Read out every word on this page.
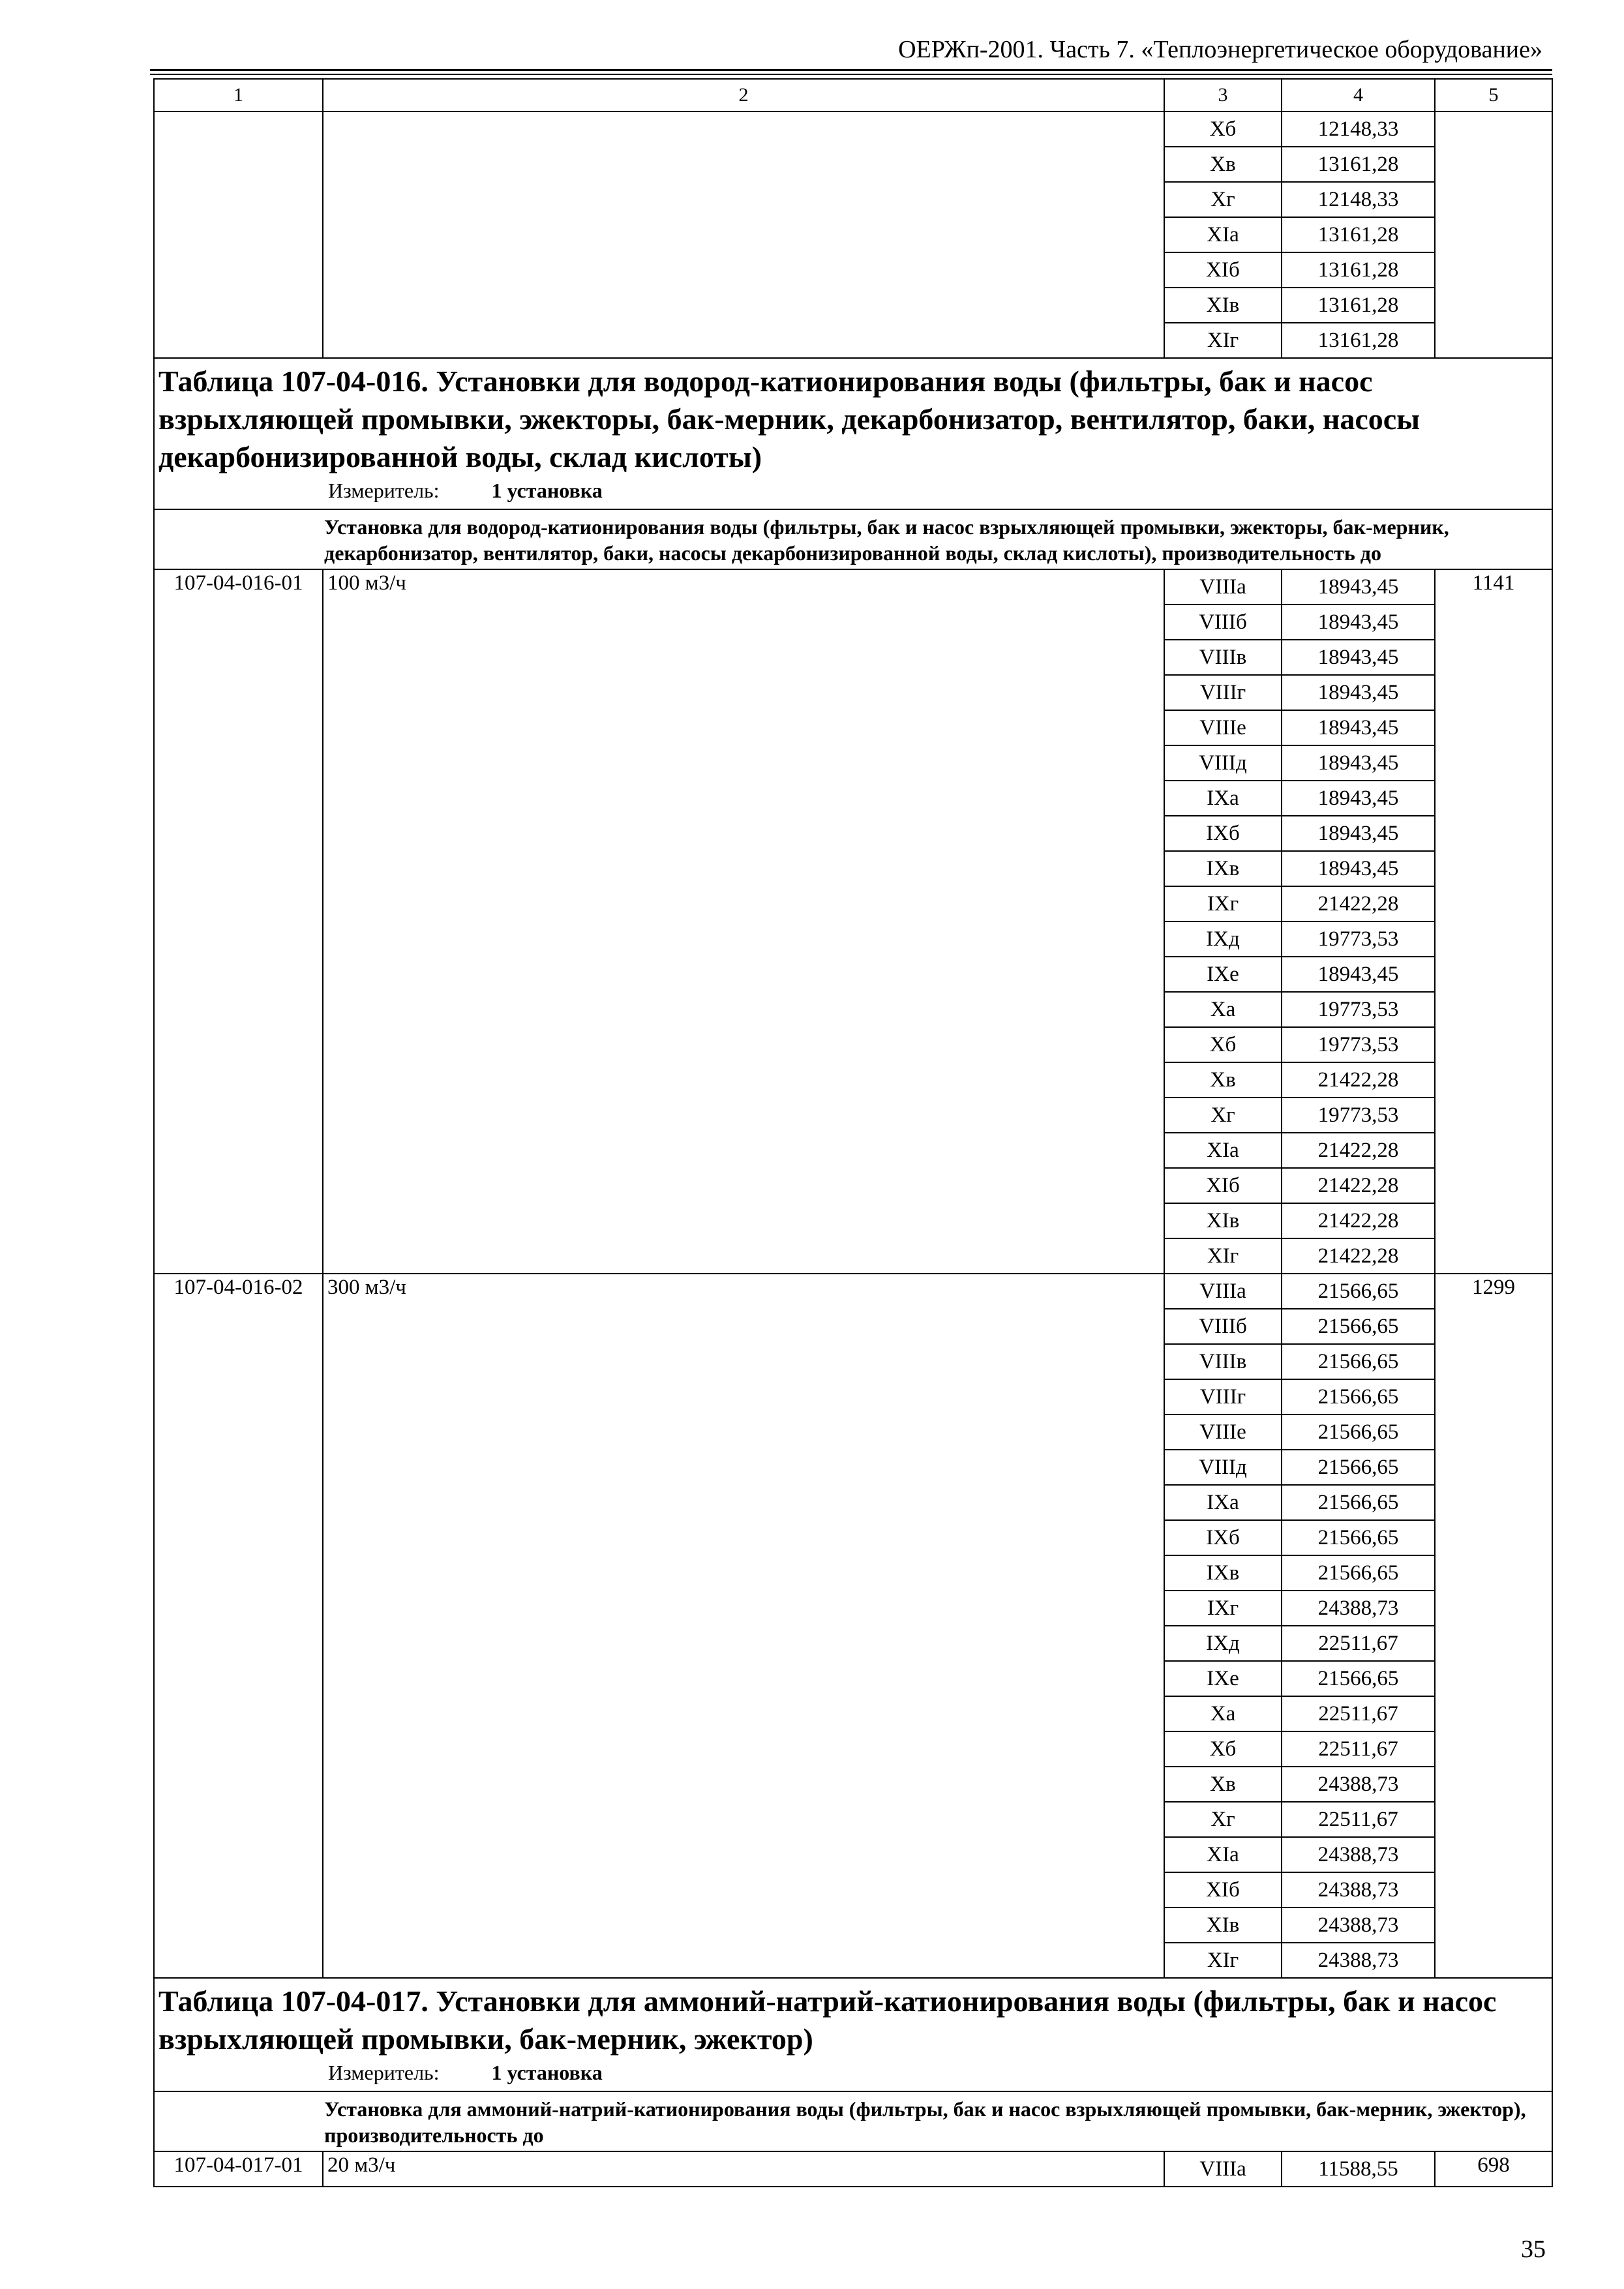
ОЕРЖп-2001. Часть 7. «Теплоэнергетическое оборудование»
1	2	3	4	5
		Xб	12148,33	
		Xв	13161,28	
		Xг	12148,33	
		XIа	13161,28	
		XIб	13161,28	
		XIв	13161,28	
		XIг	13161,28	

Таблица 107-04-016. Установки для водород-катионирования воды (фильтры, бак и насос взрыхляющей промывки, эжекторы, бак-мерник, декарбонизатор, вентилятор, баки, насосы декарбонизированной воды, склад кислоты)
Измеритель: 1 установка				

Установка для водород-катионирования воды (фильтры, бак и насос взрыхляющей промывки, эжекторы, бак-мерник, декарбонизатор, вентилятор, баки, насосы декарбонизированной воды, склад кислоты), производительность до				
107-04-016-01	100 м3/ч	VIIIа	18943,45	1141
		VIIIб	18943,45	
		VIIIв	18943,45	
		VIIIг	18943,45	
		VIIIе	18943,45	
		VIIIд	18943,45	
		IXа	18943,45	
		IXб	18943,45	
		IXв	18943,45	
		IXг	21422,28	
		IXд	19773,53	
		IXе	18943,45	
		Xа	19773,53	
		Xб	19773,53	
		Xв	21422,28	
		Xг	19773,53	
		XIа	21422,28	
		XIб	21422,28	
		XIв	21422,28	
		XIг	21422,28	
107-04-016-02	300 м3/ч	VIIIа	21566,65	1299
		VIIIб	21566,65	
		VIIIв	21566,65	
		VIIIг	21566,65	
		VIIIе	21566,65	
		VIIIд	21566,65	
		IXа	21566,65	
		IXб	21566,65	
		IXв	21566,65	
		IXг	24388,73	
		IXд	22511,67	
		IXе	21566,65	
		Xа	22511,67	
		Xб	22511,67	
		Xв	24388,73	
		Xг	22511,67	
		XIа	24388,73	
		XIб	24388,73	
		XIв	24388,73	
		XIг	24388,73	

Таблица 107-04-017. Установки для аммоний-натрий-катионирования воды (фильтры, бак и насос взрыхляющей промывки, бак-мерник, эжектор)
Измеритель: 1 установка				

Установка для аммоний-натрий-катионирования воды (фильтры, бак и насос взрыхляющей промывки, бак-мерник, эжектор), производительность до				
107-04-017-01	20 м3/ч	VIIIа	11588,55	698
35
